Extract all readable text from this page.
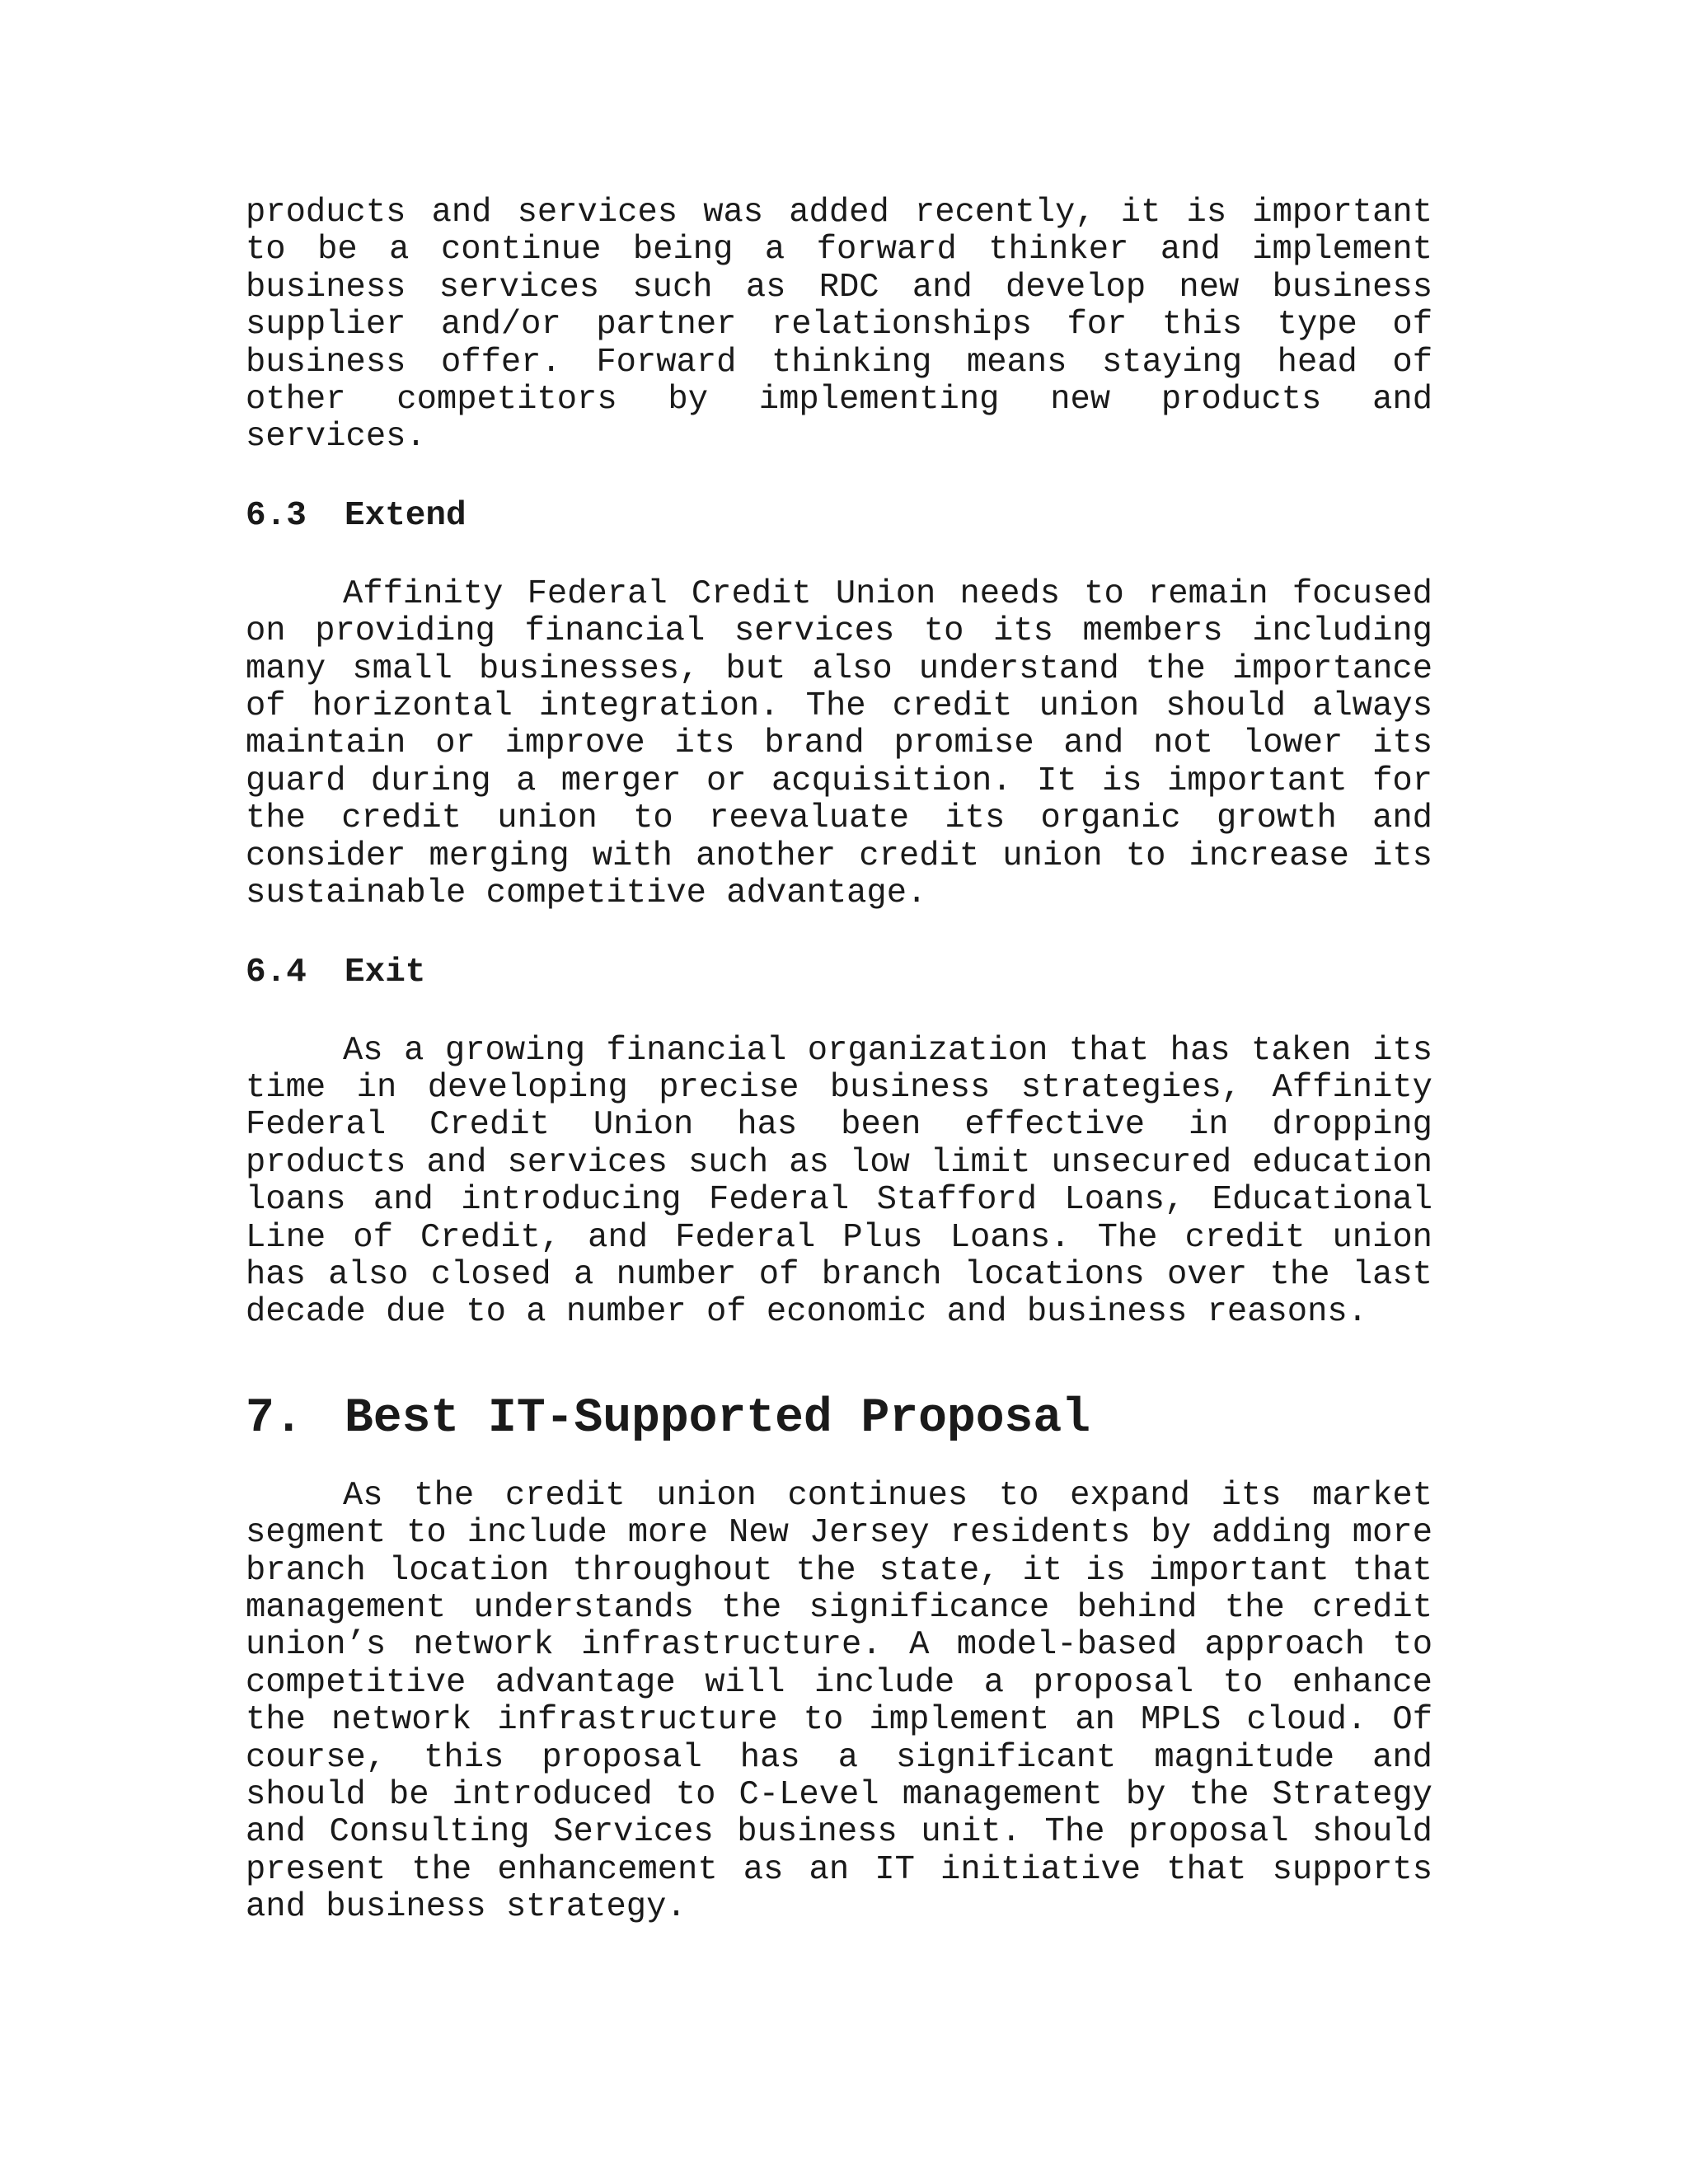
products and services was added recently, it is important to be a continue being a forward thinker and implement business services such as RDC and develop new business supplier and/or partner relationships for this type of business offer. Forward thinking means staying head of other competitors by implementing new products and services.

6.3 Extend

Affinity Federal Credit Union needs to remain focused on providing financial services to its members including many small businesses, but also understand the importance of horizontal integration. The credit union should always maintain or improve its brand promise and not lower its guard during a merger or acquisition. It is important for the credit union to reevaluate its organic growth and consider merging with another credit union to increase its sustainable competitive advantage.

6.4 Exit

As a growing financial organization that has taken its time in developing precise business strategies, Affinity Federal Credit Union has been effective in dropping products and services such as low limit unsecured education loans and introducing Federal Stafford Loans, Educational Line of Credit, and Federal Plus Loans. The credit union has also closed a number of branch locations over the last decade due to a number of economic and business reasons.

7. Best IT-Supported Proposal

As the credit union continues to expand its market segment to include more New Jersey residents by adding more branch location throughout the state, it is important that management understands the significance behind the credit union’s network infrastructure. A model-based approach to competitive advantage will include a proposal to enhance the network infrastructure to implement an MPLS cloud. Of course, this proposal has a significant magnitude and should be introduced to C-Level management by the Strategy and Consulting Services business unit. The proposal should present the enhancement as an IT initiative that supports and business strategy.
